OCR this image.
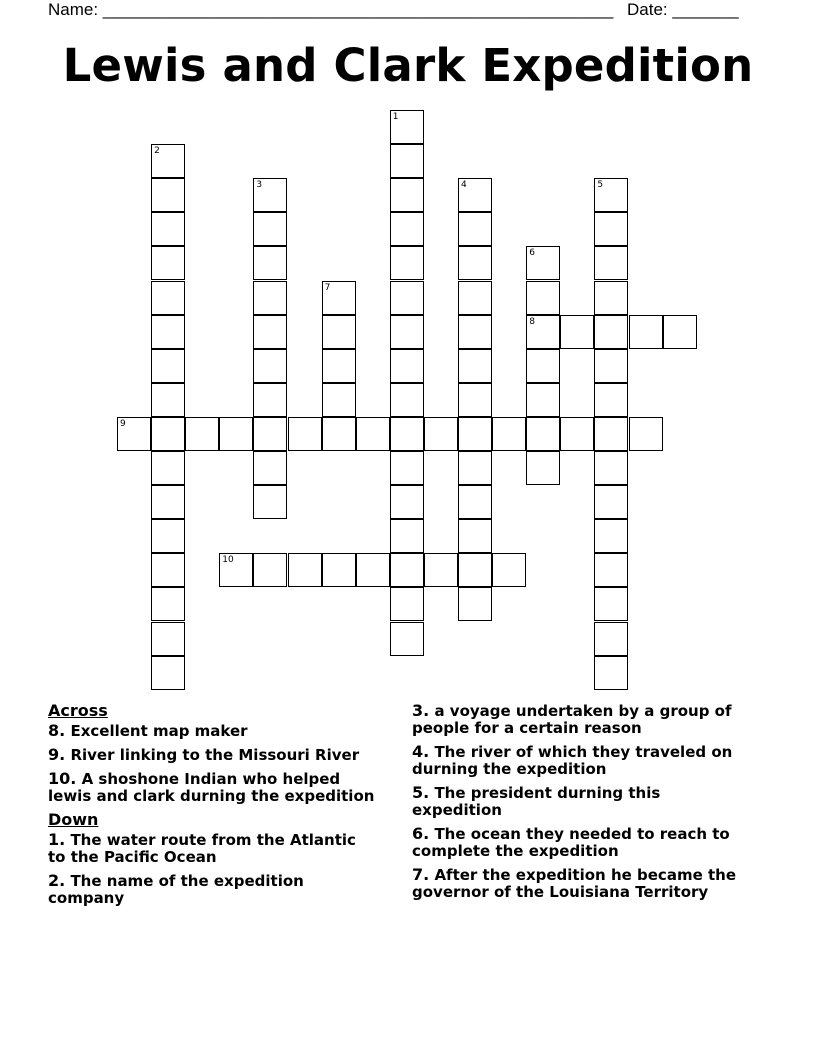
Name: ______________________________________________________ Date: _______
Lewis and Clark Expedition
1
2
3	4	5
6
8
7
9
10
Across
8. Excellent map maker
9. River linking to the Missouri River
10. A shoshone Indian who helped lewis and clark durning the expedition
Down
1. The water route from the Atlantic to the Pacific Ocean
2. The name of the expedition company
3. a voyage undertaken by a group of people for a certain reason
4. The river of which they traveled on durning the expedition
5. The president durning this expedition
6. The ocean they needed to reach to complete the expedition
7. After the expedition he became the governor of the Louisiana Territory
